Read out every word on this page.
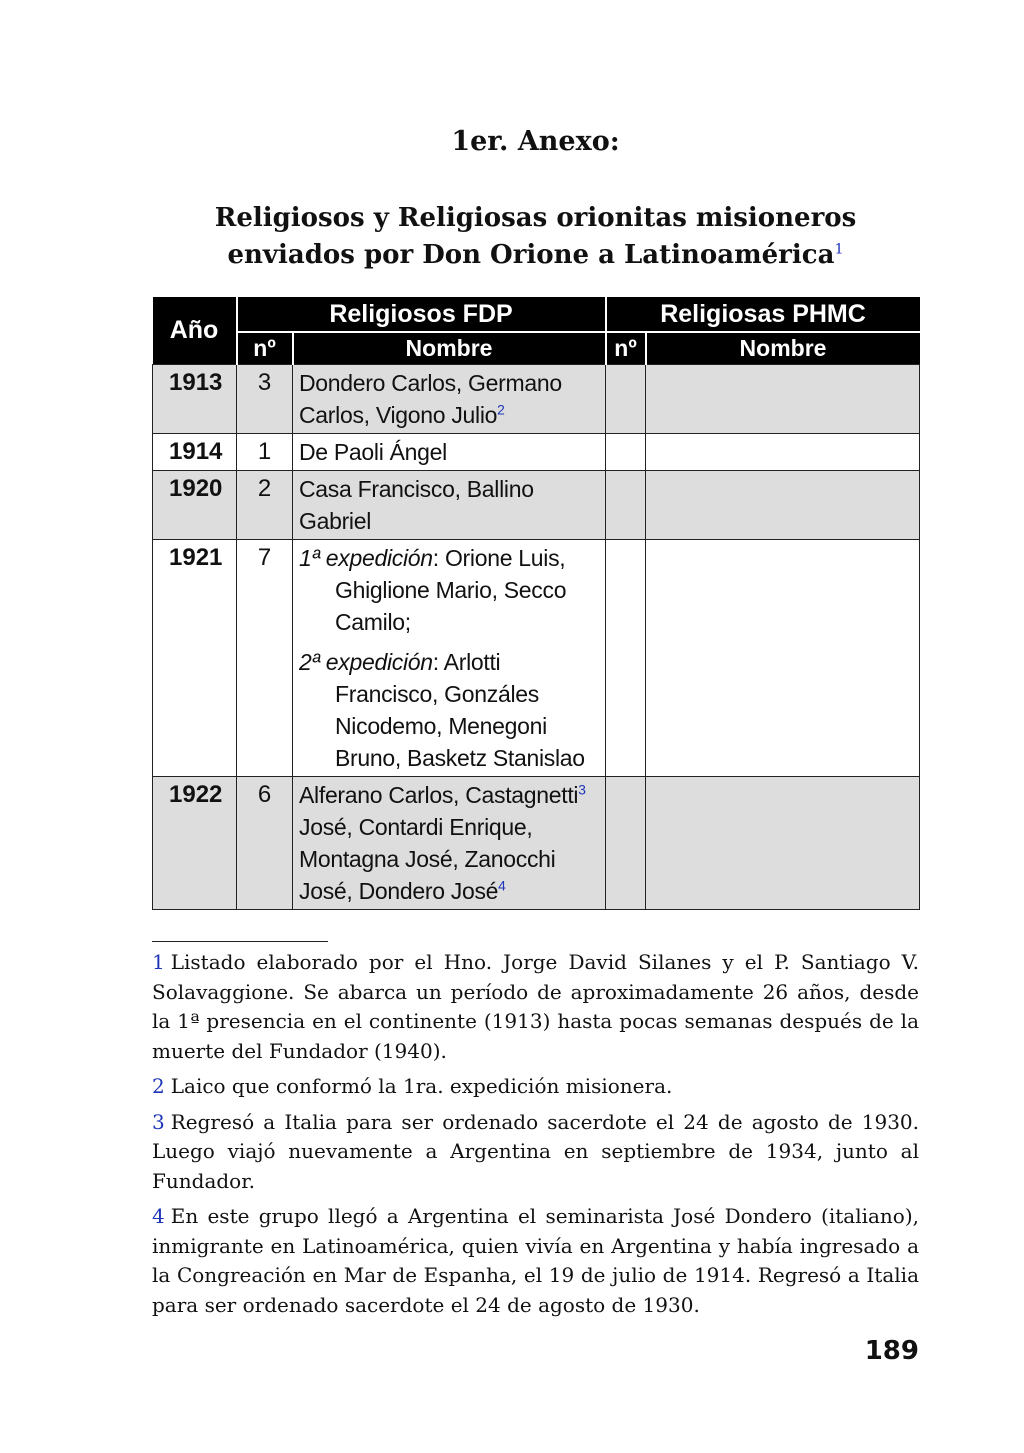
1er. Anexo:
Religiosos y Religiosas orionitas misioneros
enviados por Don Orione a Latinoamérica$^1$
Año	Religiosos FDP		Religiosas PHMC	
	nº	Nombre	nº	Nombre
1913	3	Dondero Carlos, Germano Carlos, Vigono Julio$^2$		
1914	1	De Paoli Ángel		
1920	2	Casa Francisco, Ballino Gabriel		
1921	7	1ª expedición: Orione Luis, Ghiglione Mario, Secco Camilo;

2ª expedición: Arlotti Francisco, Gonzáles Nicodemo, Menegoni Bruno, Basketz Stanislao		

1922	6	Alferano Carlos, Castagnetti$^3$ José, Contardi Enrique, Montagna José, Zanocchi José, Dondero José$^4$		

1 Listado elaborado por el Hno. Jorge David Silanes y el P. Santiago V. Solavaggione. Se abarca un período de aproximadamente 26 años, desde la 1ª presencia en el continente (1913) hasta pocas semanas después de la muerte del Fundador (1940).

2 Laico que conformó la 1ra. expedición misionera.

3 Regresó a Italia para ser ordenado sacerdote el 24 de agosto de 1930. Luego viajó nuevamente a Argentina en septiembre de 1934, junto al Fundador.

4 En este grupo llegó a Argentina el seminarista José Dondero (italiano), inmigrante en Latinoamérica, quien vivía en Argentina y había ingresado a la Congreación en Mar de Espanha, el 19 de julio de 1914. Regresó a Italia para ser ordenado sacerdote el 24 de agosto de 1930.

189
